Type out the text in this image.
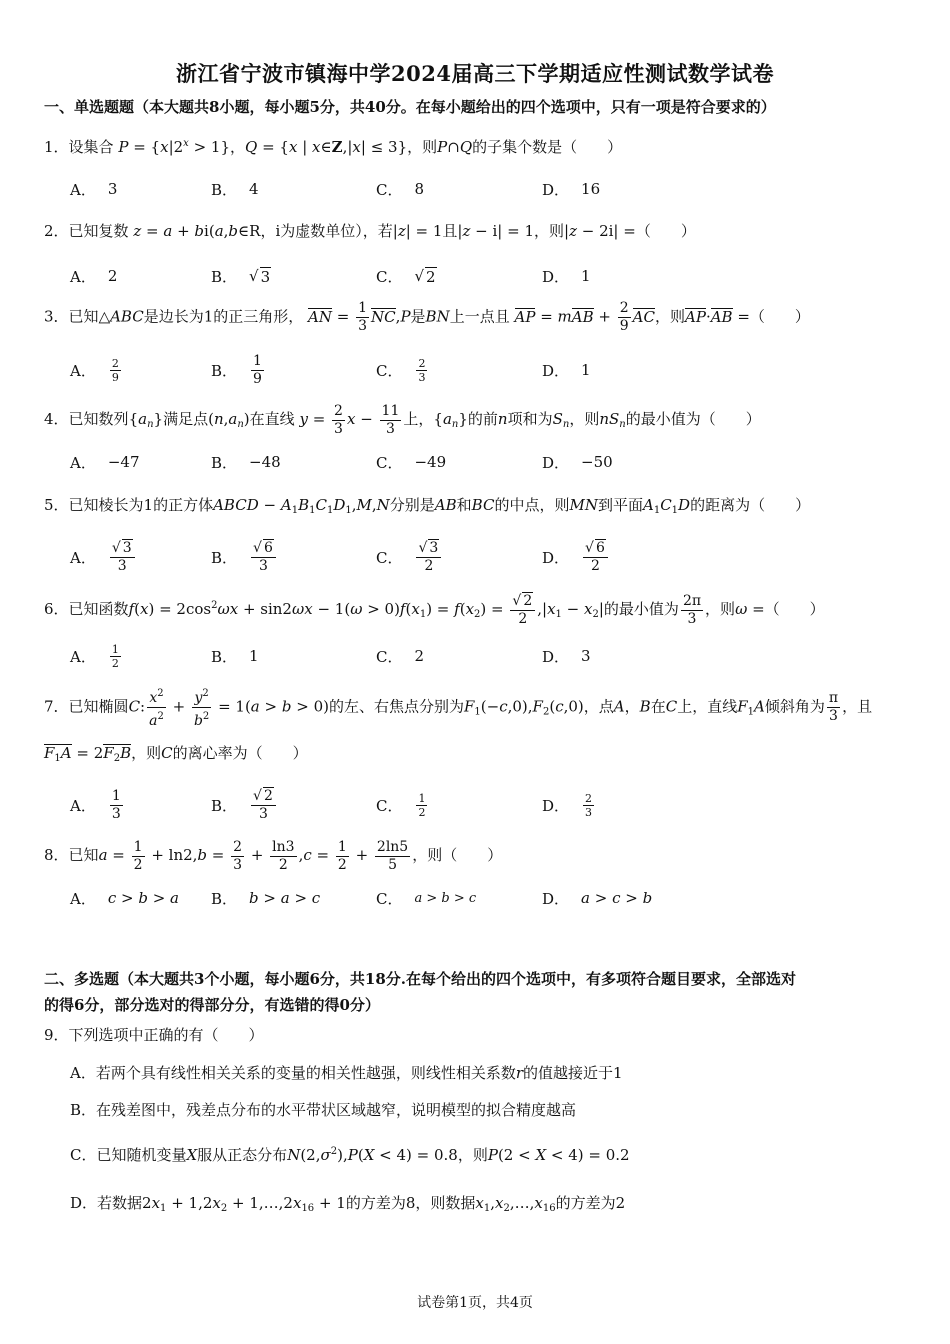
浙江省宁波市镇海中学2024届高三下学期适应性测试数学试卷
一、单选题题（本大题共8小题，每小题5分，共40分。在每小题给出的四个选项中，只有一项是符合要求的）
1．设集合 $P = \{x|2^x > 1\}$，Q = {x | x∈Z,|x| ≤ 3}，则P∩Q的子集个数是（　　）
A． 3	B． 4	C． 8	D． 16
2．已知复数 z = a + bi(a,b∈R，i为虚数单位），若|z| = 1且|z − i| = 1，则|z − 2i| =（　　）
A． 2	B． √ 3	C． √ 2	D． 1
3．已知△ABC是边长为1的正三角形， AN = $\frac{1}{3} NC,P$是BN上一点且 AP = mAB + $\frac{2}{9}$ AC，则AP·AB =（　　）
A． $\frac{2}{9}$	B． $\frac{1}{9}$	C． $\frac{2}{3}$	D． 1
4．已知数列$\{a_n\}$满足点$(n,a_n)$在直线 $y = \frac{2}{3}$ $x - \frac{11}{3}$ 上，$\{a_n\}$的前n项和为$S_n$，则$nS_n$的最小值为（　　）
A． −47	B． −48	C． −49	D． −50
5．已知棱长为1的正方体ABCD − $A_1B_1C_1D_1,M,N$分别是AB和BC的中点，则MN到平面$A_1C_1D$的距离为（　　）
A． $\frac{√ 3}{3}$	B． $\frac{√ 6}{3}$	C． $\frac{√ 3}{2}$	D． $\frac{√ 6}{2}$
6．已知函数$f(x) = 2\cos^2\omega x + \sin 2\omega x - 1(\omega > 0)f(x_1) = f(x_2) = \frac{√ 2}{2} ,|x_1 - x_2|$的最小值为 $\frac{2\pi}{3}$ ，则ω =（　　）
A． $\frac{1}{2}$	B． 1	C． 2	D． 3
7．已知椭圆C: $\frac{x^2}{a^2} + \frac{y^2}{b^2} = 1(a > b > 0)$的左、右焦点分别为$F_1(-c,0),F_2(c,0)$，点A，B在C上，直线$F_1A$倾斜角为 $\frac{\pi}{3}$ ，且
$F_1A = 2F_2B$，则C的离心率为（　　）
A． $\frac{1}{3}$	B． $\frac{√ 2}{3}$	C． $\frac{1}{2}$	D． $\frac{2}{3}$
8．已知$a = \frac{1}{2} + \ln 2,b = \frac{2}{3} + \frac{\ln 3}{2} ,c = \frac{1}{2} + \frac{2\ln 5}{5}$ ，则（　　）
A． c > b > a B． b > a > c	C． a > b > c	D． a > c > b
二、多选题（本大题共3个小题，每小题6分，共18分.在每个给出的四个选项中，有多项符合题目要求，全部选对
的得6分，部分选对的得部分分，有选错的得0分）
9．下列选项中正确的有（　　）
A．若两个具有线性相关关系的变量的相关性越强，则线性相关系数r的值越接近于1
B．在残差图中，残差点分布的水平带状区域越窄，说明模型的拟合精度越高
C．已知随机变量X服从正态分布$N(2,\sigma^2),P(X < 4) = 0.8$，则P(2 < X < 4) = 0.2
D．若数据$2x_1 + 1,2x_2$ + $1,\dots,2x_{16} + 1$的方差为8，则数据$x_1,x_2,\dots,x_{16}$的方差为2
试卷第1页，共4页
